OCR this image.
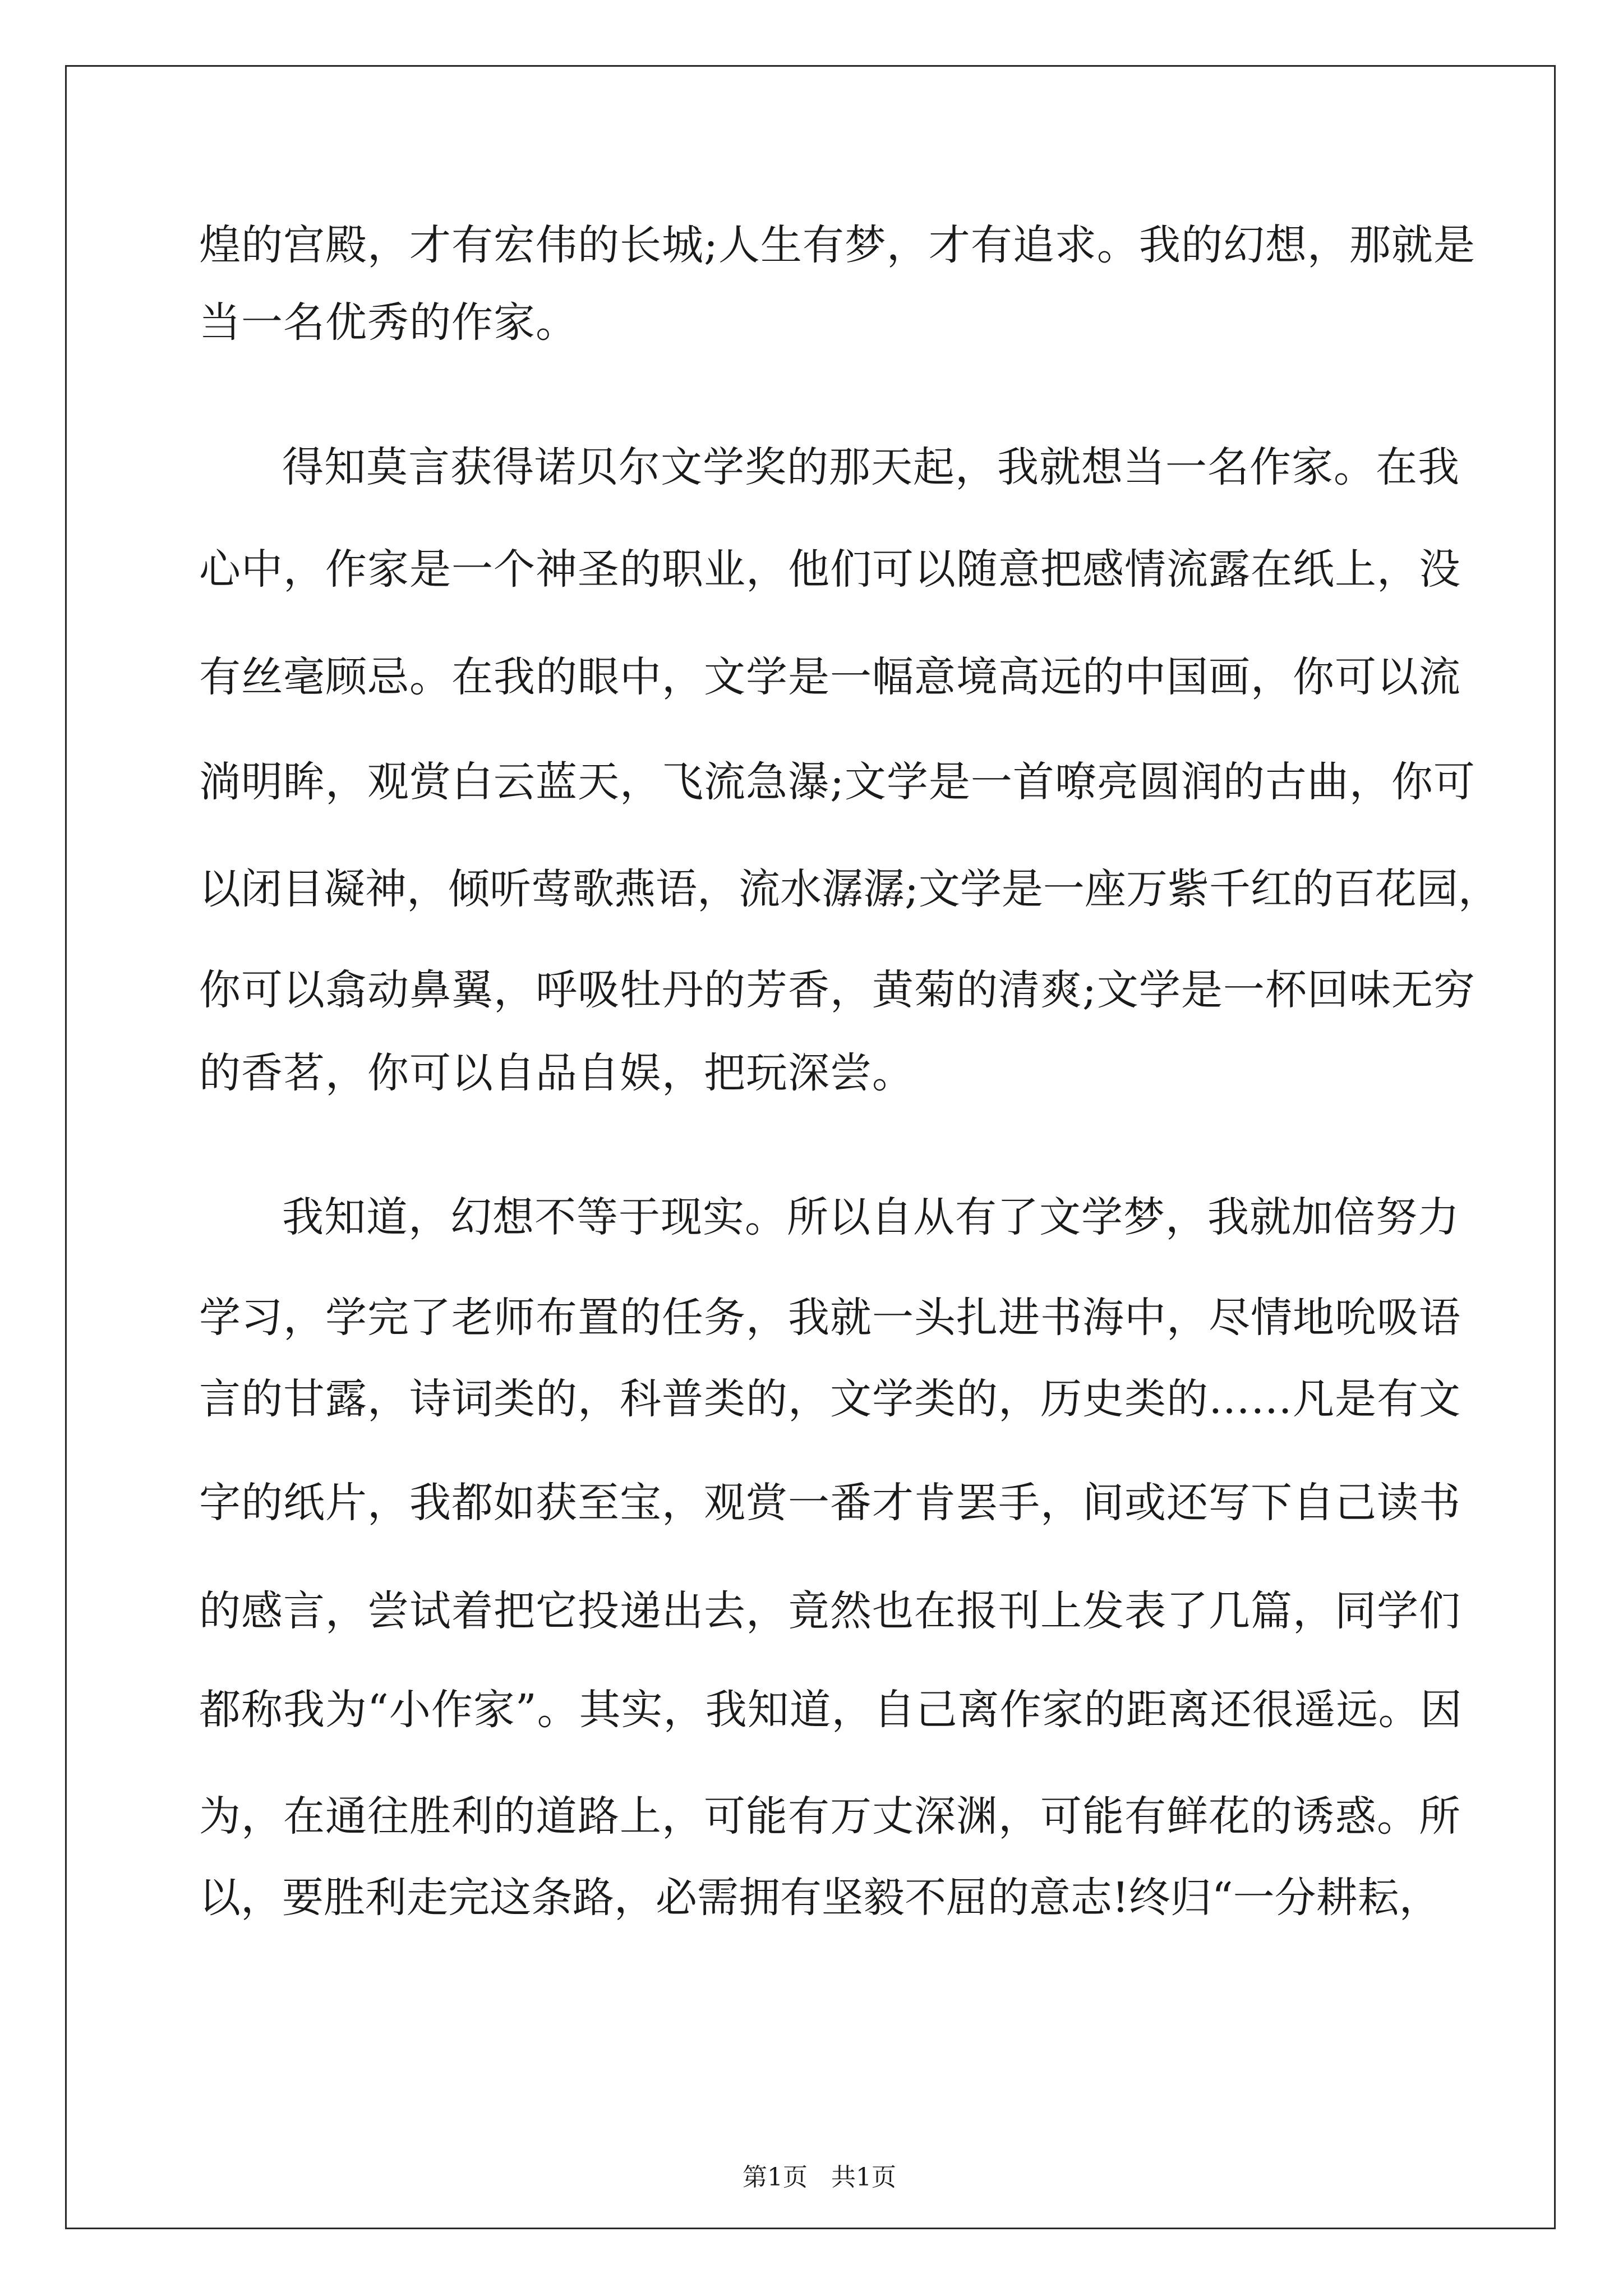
煌的宫殿，才有宏伟的长城;人生有梦，才有追求。我的幻想，那就是
当一名优秀的作家。
得知莫言获得诺贝尔文学奖的那天起，我就想当一名作家。在我
心中，作家是一个神圣的职业，他们可以随意把感情流露在纸上，没
有丝毫顾忌。在我的眼中，文学是一幅意境高远的中国画，你可以流
淌明眸，观赏白云蓝天，飞流急瀑;文学是一首嘹亮圆润的古曲，你可
以闭目凝神，倾听莺歌燕语，流水潺潺;文学是一座万紫千红的百花园，
你可以翕动鼻翼，呼吸牡丹的芳香，黄菊的清爽;文学是一杯回味无穷
的香茗，你可以自品自娱，把玩深尝。
我知道，幻想不等于现实。所以自从有了文学梦，我就加倍努力
学习，学完了老师布置的任务，我就一头扎进书海中，尽情地吮吸语
言的甘露，诗词类的，科普类的，文学类的，历史类的……凡是有文
字的纸片，我都如获至宝，观赏一番才肯罢手，间或还写下自己读书
的感言，尝试着把它投递出去，竟然也在报刊上发表了几篇，同学们
都称我为“小作家”。其实，我知道，自己离作家的距离还很遥远。因
为，在通往胜利的道路上，可能有万丈深渊，可能有鲜花的诱惑。所
以，要胜利走完这条路，必需拥有坚毅不屈的意志!终归“一分耕耘，

第1页   共1页
